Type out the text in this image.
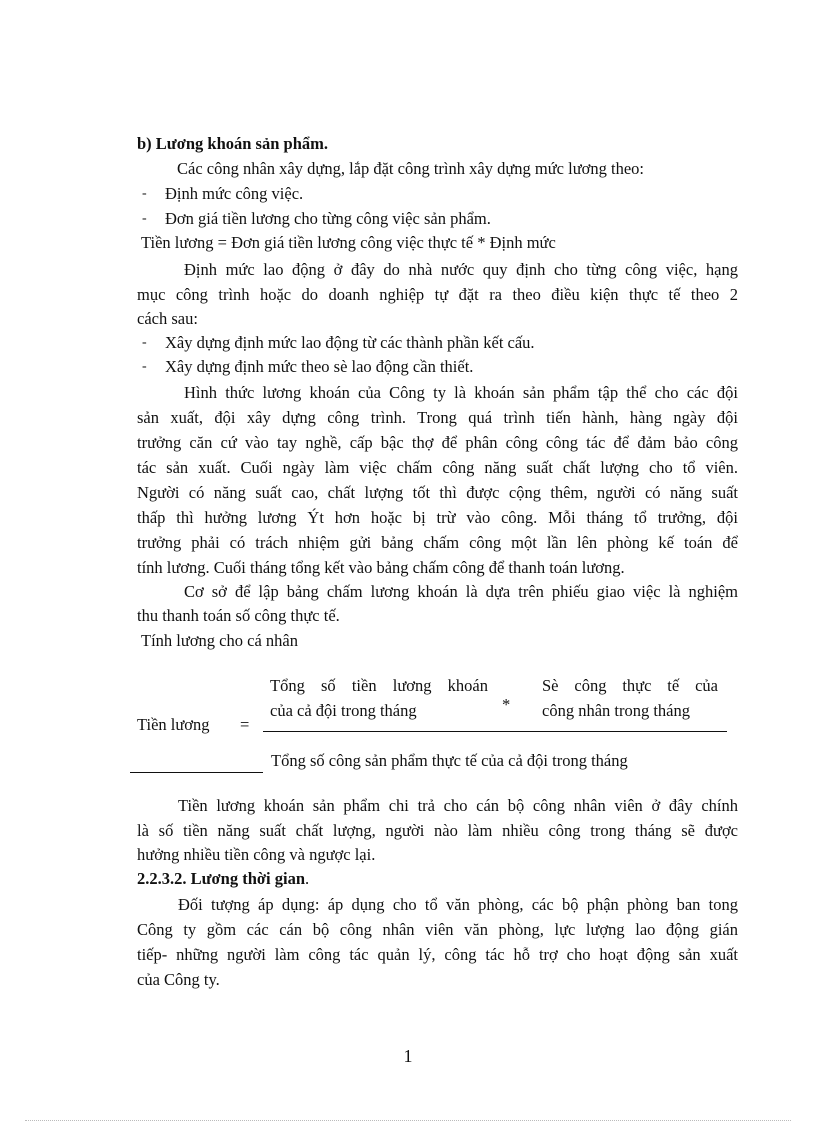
b) Lương khoán sản phẩm.
Các công nhân xây dựng, lắp đặt công trình xây dựng mức lương theo:
- Định mức công việc.
- Đơn giá tiền lương cho từng công việc sản phẩm.
Tiền lương = Đơn giá tiền lương công việc thực tế * Định mức
Định mức lao động ở đây do nhà nước quy định cho từng công việc, hạng
mục công trình hoặc do doanh nghiệp tự đặt ra theo điều kiện thực tế theo 2
cách sau:
- Xây dựng định mức lao động từ các thành phần kết cấu.
- Xây dựng định mức theo sè lao động cần thiết.
Hình thức lương khoán của Công ty là khoán sản phẩm tập thể cho các đội
sản xuất, đội xây dựng công trình. Trong quá trình tiến hành, hàng ngày đội
trưởng căn cứ vào tay nghề, cấp bậc thợ để phân công công tác để đảm bảo công
tác sản xuất. Cuối ngày làm việc chấm công năng suất chất lượng cho tổ viên.
Người có năng suất cao, chất lượng tốt thì được cộng thêm, người có năng suất
thấp thì hưởng lương Ýt hơn hoặc bị trừ vào công. Mỗi tháng tổ trưởng, đội
trưởng phải có trách nhiệm gửi bảng chấm công một lần lên phòng kế toán để
tính lương. Cuối tháng tổng kết vào bảng chấm công để thanh toán lương.
Cơ sở để lập bảng chấm lương khoán là dựa trên phiếu giao việc là nghiệm
thu thanh toán số công thực tế.
Tính lương cho cá nhân
Tiền lương =
Tổng số tiền lương khoán
của cả đội trong tháng	*
Sè công thực tế của
công nhân trong tháng
Tổng số công sản phẩm thực tế của cả đội trong tháng
Tiền lương khoán sản phẩm chi trả cho cán bộ công nhân viên ở đây chính
là số tiền năng suất chất lượng, người nào làm nhiều công trong tháng sẽ được
hưởng nhiều tiền công và ngược lại.
2.2.3.2. Lương thời gian.
Đối tượng áp dụng: áp dụng cho tổ văn phòng, các bộ phận phòng ban tong
Công ty gồm các cán bộ công nhân viên văn phòng, lực lượng lao động gián
tiếp- những người làm công tác quản lý, công tác hỗ trợ cho hoạt động sản xuất
của Công ty.
1
